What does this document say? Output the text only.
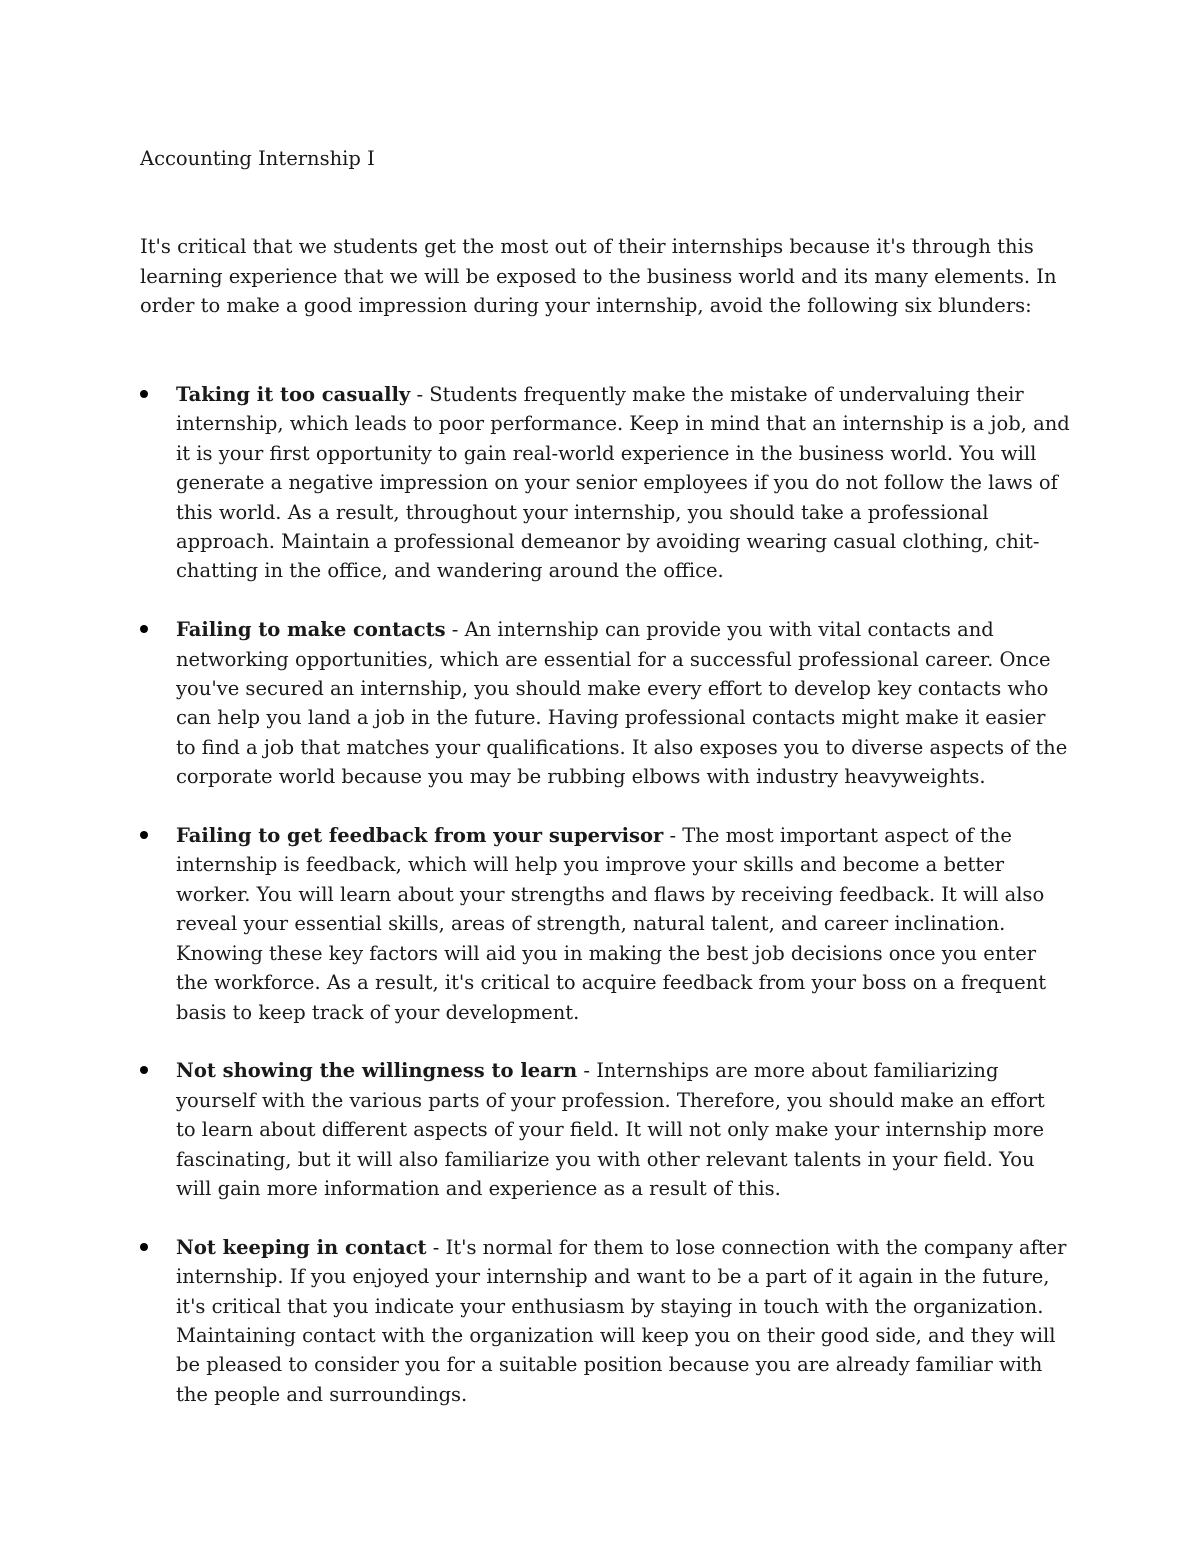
Accounting Internship I

It's critical that we students get the most out of their internships because it's through this learning experience that we will be exposed to the business world and its many elements. In order to make a good impression during your internship, avoid the following six blunders:

Taking it too casually - Students frequently make the mistake of undervaluing their internship, which leads to poor performance. Keep in mind that an internship is a job, and it is your first opportunity to gain real-world experience in the business world. You will generate a negative impression on your senior employees if you do not follow the laws of this world. As a result, throughout your internship, you should take a professional approach. Maintain a professional demeanor by avoiding wearing casual clothing, chit-chatting in the office, and wandering around the office.
Failing to make contacts - An internship can provide you with vital contacts and networking opportunities, which are essential for a successful professional career. Once you've secured an internship, you should make every effort to develop key contacts who can help you land a job in the future. Having professional contacts might make it easier to find a job that matches your qualifications. It also exposes you to diverse aspects of the corporate world because you may be rubbing elbows with industry heavyweights.
Failing to get feedback from your supervisor - The most important aspect of the internship is feedback, which will help you improve your skills and become a better worker. You will learn about your strengths and flaws by receiving feedback. It will also reveal your essential skills, areas of strength, natural talent, and career inclination. Knowing these key factors will aid you in making the best job decisions once you enter the workforce. As a result, it's critical to acquire feedback from your boss on a frequent basis to keep track of your development.
Not showing the willingness to learn - Internships are more about familiarizing yourself with the various parts of your profession. Therefore, you should make an effort to learn about different aspects of your field. It will not only make your internship more fascinating, but it will also familiarize you with other relevant talents in your field. You will gain more information and experience as a result of this.
Not keeping in contact - It's normal for them to lose connection with the company after internship. If you enjoyed your internship and want to be a part of it again in the future, it's critical that you indicate your enthusiasm by staying in touch with the organization. Maintaining contact with the organization will keep you on their good side, and they will be pleased to consider you for a suitable position because you are already familiar with the people and surroundings.
